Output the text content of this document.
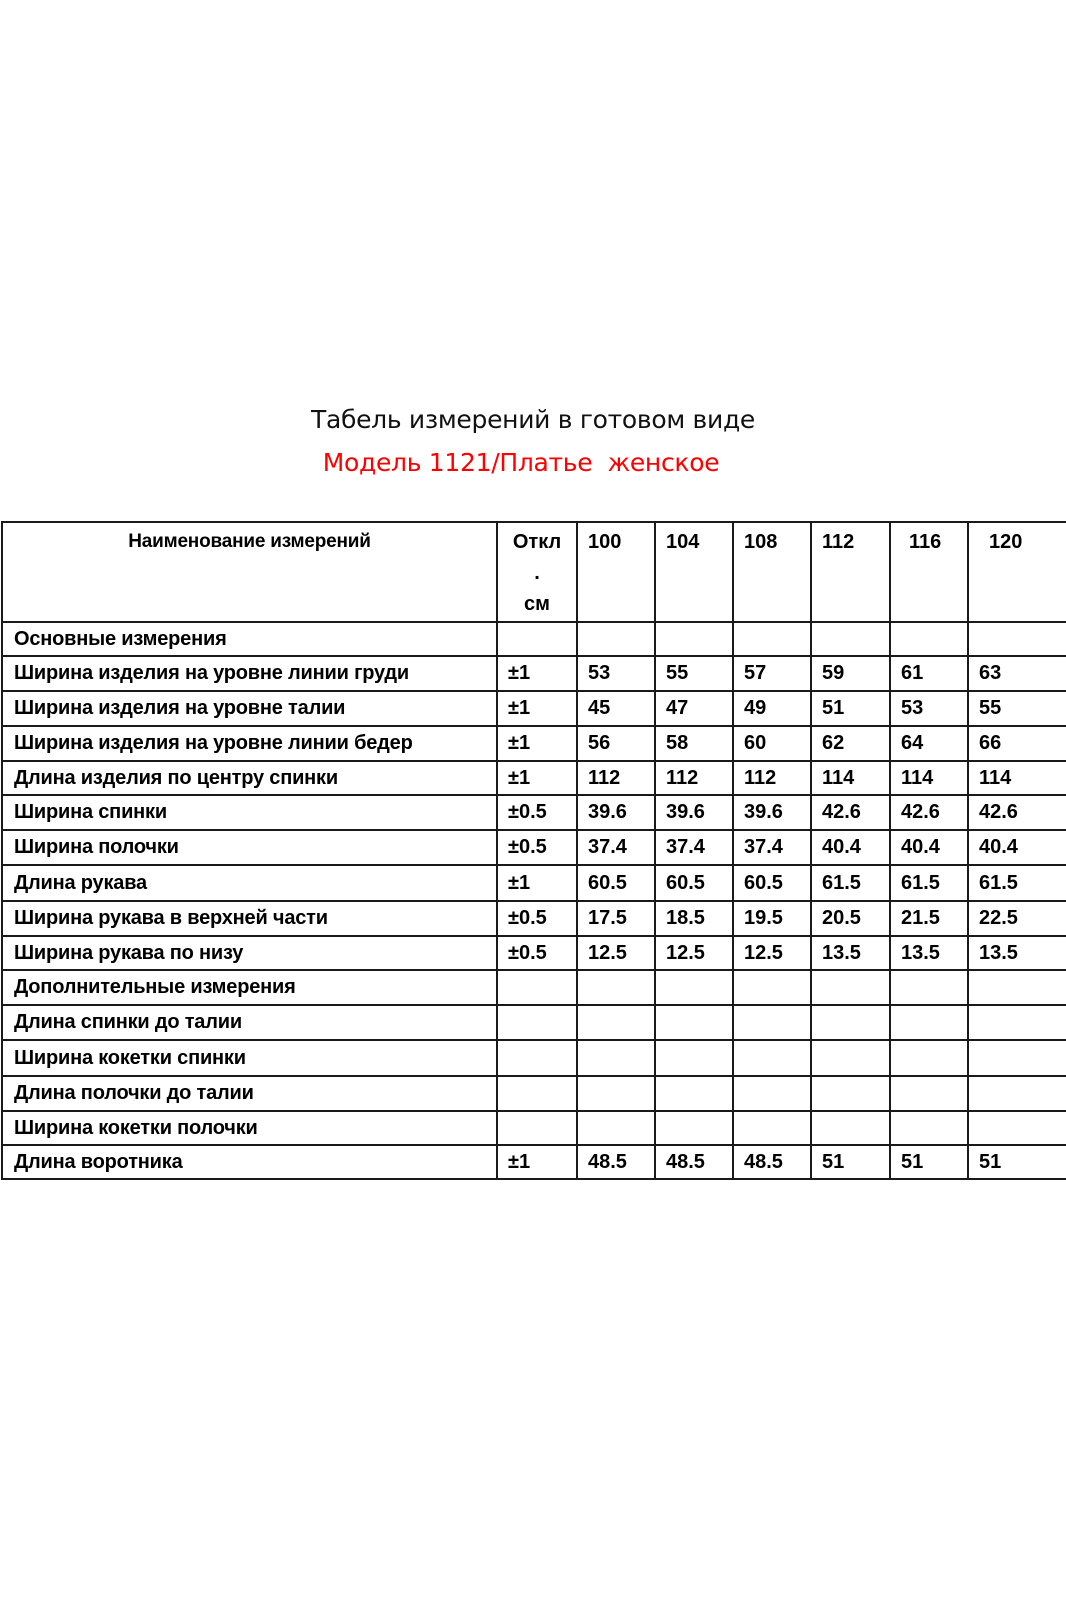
Табель измерений в готовом виде
Модель 1121/Платье  женское
Наименование измерений	Откл
.
см	100	104	108	112	116	120
Основные измерения							
Ширина изделия на уровне линии груди	±1	53	55	57	59	61	63
Ширина изделия на уровне талии	±1	45	47	49	51	53	55
Ширина изделия на уровне линии бедер	±1	56	58	60	62	64	66
Длина изделия по центру спинки	±1	112	112	112	114	114	114
Ширина спинки	±0.5	39.6	39.6	39.6	42.6	42.6	42.6
Ширина полочки	±0.5	37.4	37.4	37.4	40.4	40.4	40.4
Длина рукава	±1	60.5	60.5	60.5	61.5	61.5	61.5
Ширина рукава в верхней части	±0.5	17.5	18.5	19.5	20.5	21.5	22.5
Ширина рукава по низу	±0.5	12.5	12.5	12.5	13.5	13.5	13.5
Дополнительные измерения							
Длина спинки до талии							
Ширина кокетки спинки							
Длина полочки до талии							
Ширина кокетки полочки							
Длина воротника	±1	48.5	48.5	48.5	51	51	51
